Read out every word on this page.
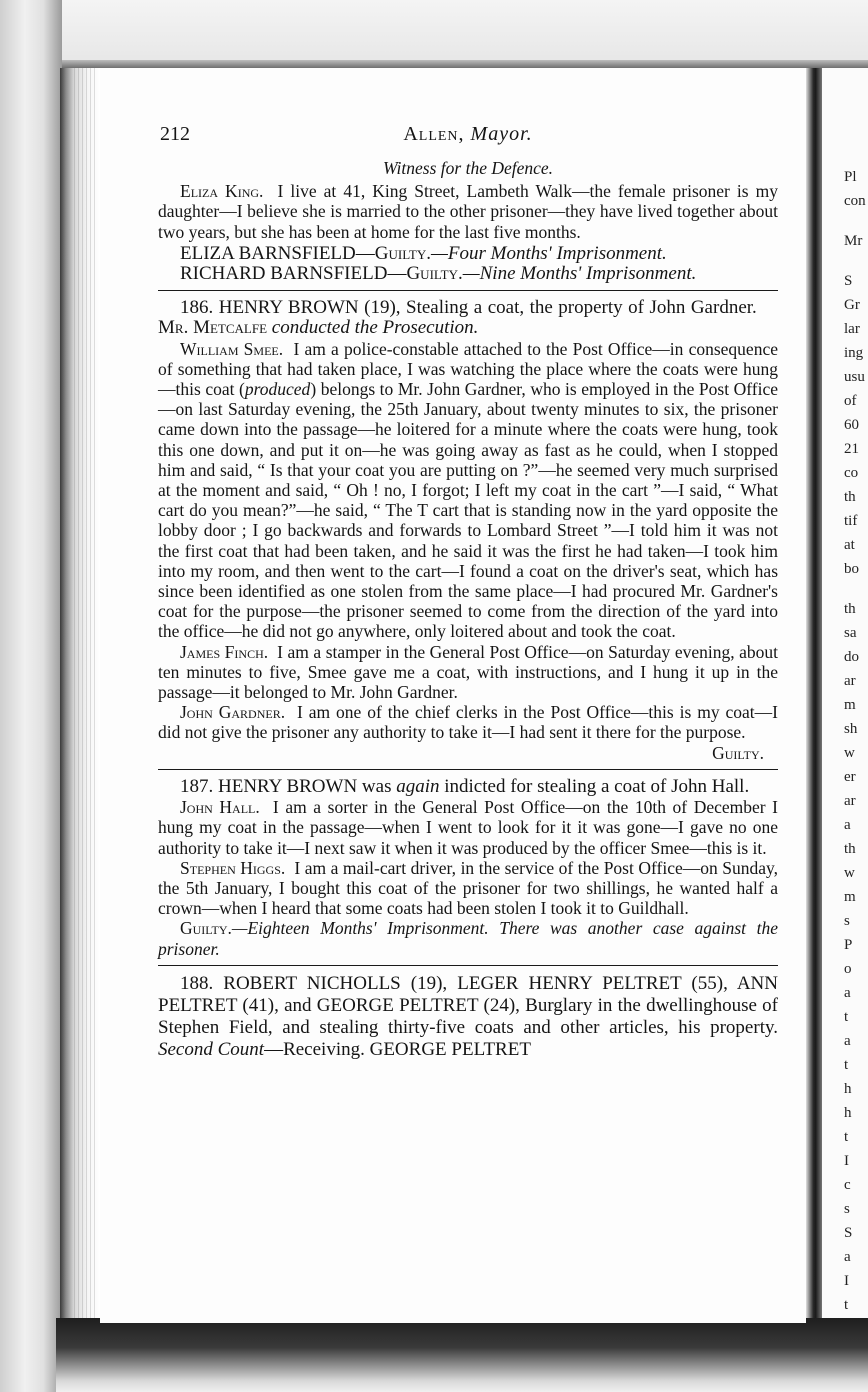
Pl
con
Mr
S
Gr
lar
ing
usu
of
60
21
co
th
tif
at
bo
th
sa
do
ar
m
sh
w
er
ar
a
th
w
m
s
P
o
a
t
a
t
h
h
t
I
c
s
S
a
I
t
212	Allen, Mayor.

Witness for the Defence.

Eliza King. I live at 41, King Street, Lambeth Walk—the female prisoner is my daughter—I believe she is married to the other prisoner—they have lived together about two years, but she has been at home for the last five months.

ELIZA BARNSFIELD—Guilty.—Four Months' Imprisonment.

RICHARD BARNSFIELD—Guilty.—Nine Months' Imprisonment.

186. HENRY BROWN (19), Stealing a coat, the property of John Gardner.     Mr. Metcalfe conducted the Prosecution.

William Smee. I am a police-constable attached to the Post Office—in consequence of something that had taken place, I was watching the place where the coats were hung—this coat (produced) belongs to Mr. John Gardner, who is employed in the Post Office—on last Saturday evening, the 25th January, about twenty minutes to six, the prisoner came down into the passage—he loitered for a minute where the coats were hung, took this one down, and put it on—he was going away as fast as he could, when I stopped him and said, “ Is that your coat you are putting on ?”—he seemed very much surprised at the moment and said, “ Oh ! no, I forgot; I left my coat in the cart ”—I said, “ What cart do you mean?”—he said, “ The T cart that is standing now in the yard opposite the lobby door ; I go backwards and forwards to Lombard Street ”—I told him it was not the first coat that had been taken, and he said it was the first he had taken—I took him into my room, and then went to the cart—I found a coat on the driver's seat, which has since been identified as one stolen from the same place—I had procured Mr. Gardner's coat for the purpose—the prisoner seemed to come from the direction of the yard into the office—he did not go anywhere, only loitered about and took the coat.

James Finch. I am a stamper in the General Post Office—on Saturday evening, about ten minutes to five, Smee gave me a coat, with instructions, and I hung it up in the passage—it belonged to Mr. John Gardner.

John Gardner. I am one of the chief clerks in the Post Office—this is my coat—I did not give the prisoner any authority to take it—I had sent it there for the purpose.
Guilty.

187. HENRY BROWN was again indicted for stealing a coat of John Hall.

John Hall. I am a sorter in the General Post Office—on the 10th of December I hung my coat in the passage—when I went to look for it it was gone—I gave no one authority to take it—I next saw it when it was produced by the officer Smee—this is it.

Stephen Higgs. I am a mail-cart driver, in the service of the Post Office—on Sunday, the 5th January, I bought this coat of the prisoner for two shillings, he wanted half a crown—when I heard that some coats had been stolen I took it to Guildhall.

Guilty.—Eighteen Months' Imprisonment. There was another case against the prisoner.

188. ROBERT NICHOLLS (19), LEGER HENRY PELTRET (55), ANN PELTRET (41), and GEORGE PELTRET (24), Burglary in the dwellinghouse of Stephen Field, and stealing thirty-five coats and other articles, his property. Second Count—Receiving. GEORGE PELTRET
